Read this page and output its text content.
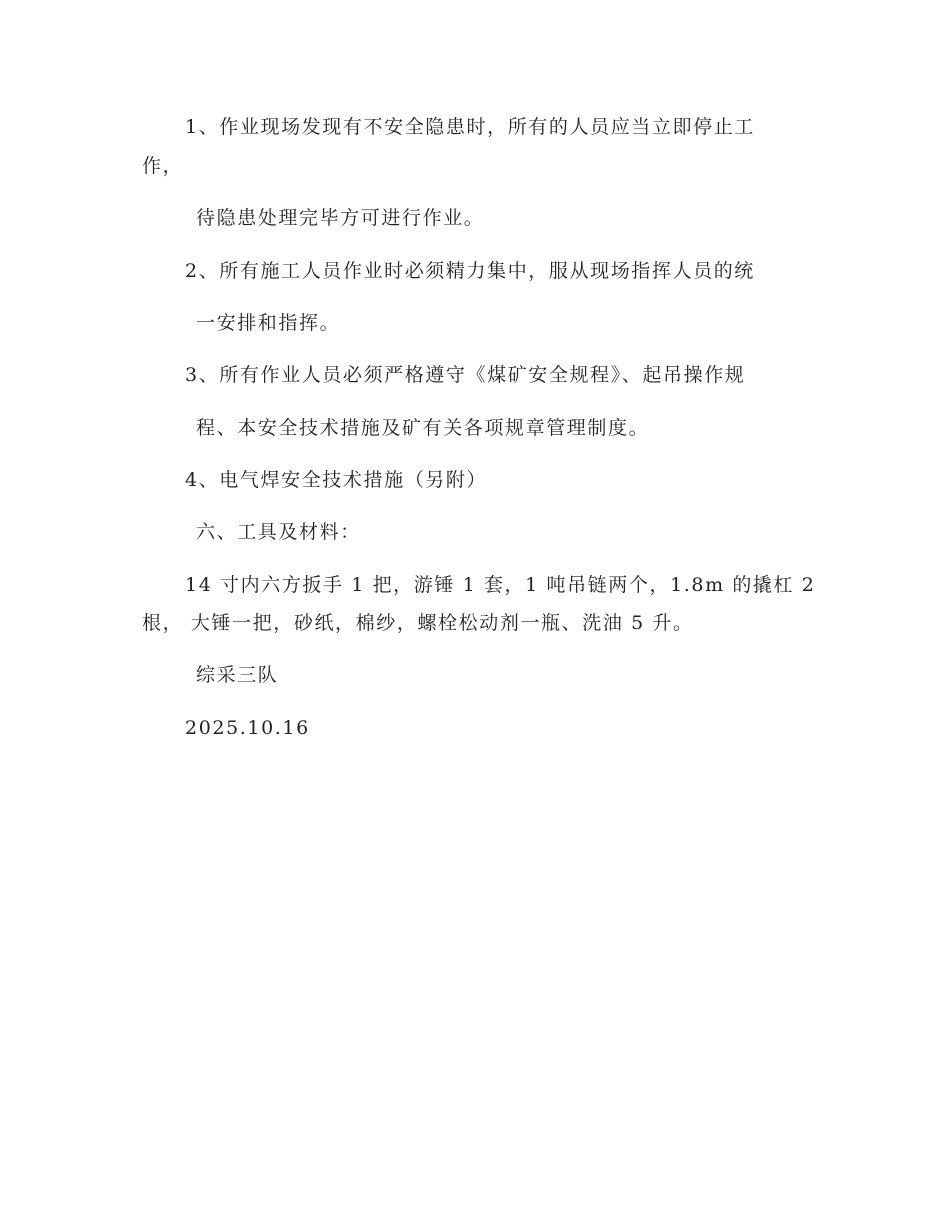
1、作业现场发现有不安全隐患时，所有的人员应当立即停止工
作，
待隐患处理完毕方可进行作业。
2、所有施工人员作业时必须精力集中，服从现场指挥人员的统
一安排和指挥。
3、所有作业人员必须严格遵守《煤矿安全规程》、起吊操作规
程、本安全技术措施及矿有关各项规章管理制度。
4、电气焊安全技术措施（另附）
六、工具及材料：
14 寸内六方扳手 1 把，游锤 1 套，1 吨吊链两个，1.8m 的撬杠 2
根， 大锤一把，砂纸，棉纱，螺栓松动剂一瓶、洗油 5 升。
综采三队
2025.10.16
